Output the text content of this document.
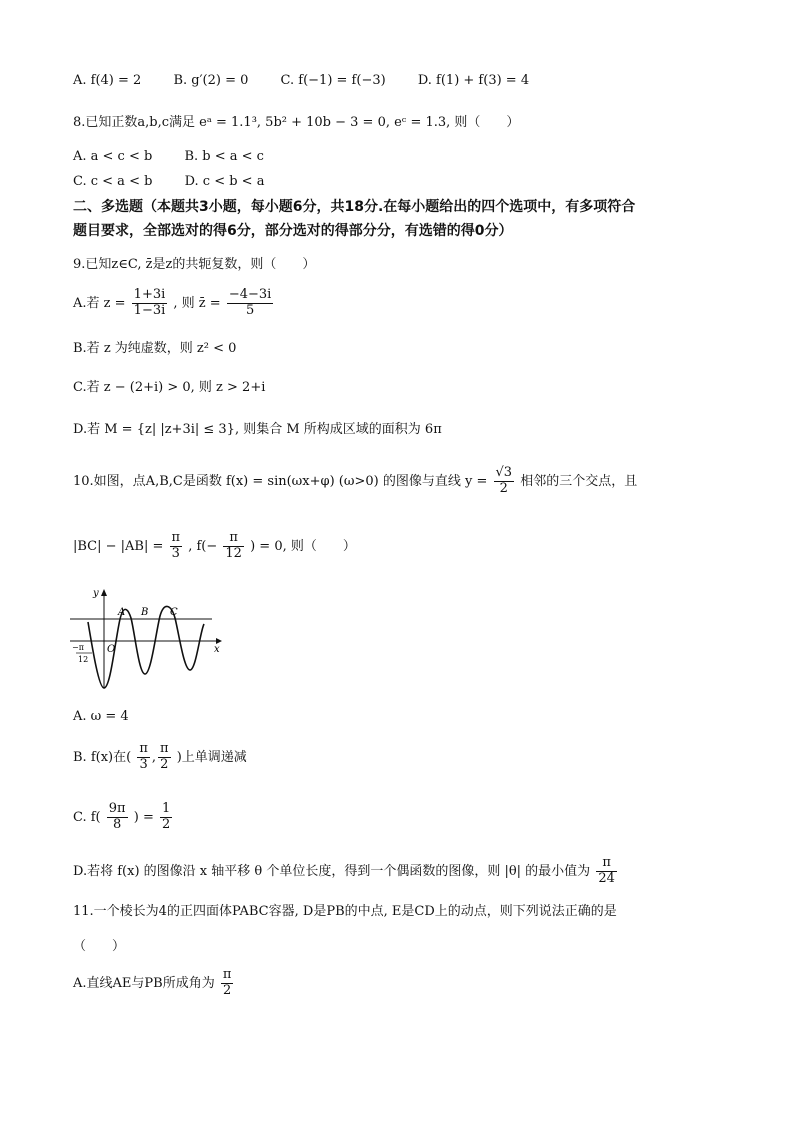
A. f(4) = 2 B. g′(2) = 0 C. f(−1) = f(−3) D. f(1) + f(3) = 4
8.已知正数a,b,c满足 eᵃ = 1.1³, 5b² + 10b − 3 = 0, eᶜ = 1.3, 则（　　）
A. a < c < b B. b < a < c
C. c < a < b D. c < b < a
二、多选题（本题共3小题，每小题6分，共18分.在每小题给出的四个选项中，有多项符合
题目要求，全部选对的得6分，部分选对的得部分分，有选错的得0分）
9.已知z∈C, z̄是z的共轭复数，则（　　）
A.若 $z = \frac{1+3i}{1-3i}$ , 则 z̄ = $\frac{-4-3i}{5}$
B.若 z 为纯虚数，则 z² < 0
C.若 z − (2+i) > 0, 则 z > 2+i
D.若 M = {z| |z+3i| ≤ 3}, 则集合 M 所构成区域的面积为 6π
10.如图，点A,B,C是函数 f(x) = sin(ωx+φ) (ω>0) 的图像与直线 $y = \frac{√3}{2}$ 相邻的三个交点，且
$|BC| - |AB| = \frac{\pi}{3}$ , $f(- \frac{\pi}{12}$ ) = 0, 则（　　）
y
x
O
A B C
−π
12
A. ω = 4
B. f(x)在( $\frac{\pi}{3}$ , $\frac{\pi}{2}$ )上单调递减
C. $f( \frac{9\pi}{8}$ ) = $\frac{1}{2}$
D.若将 f(x) 的图像沿 x 轴平移 θ 个单位长度，得到一个偶函数的图像，则 |θ| 的最小值为 $\frac{\pi}{24}$
11.一个棱长为4的正四面体PABC容器, D是PB的中点, E是CD上的动点，则下列说法正确的是
（　　）
A.直线AE与PB所成角为 $\frac{\pi}{2}$
